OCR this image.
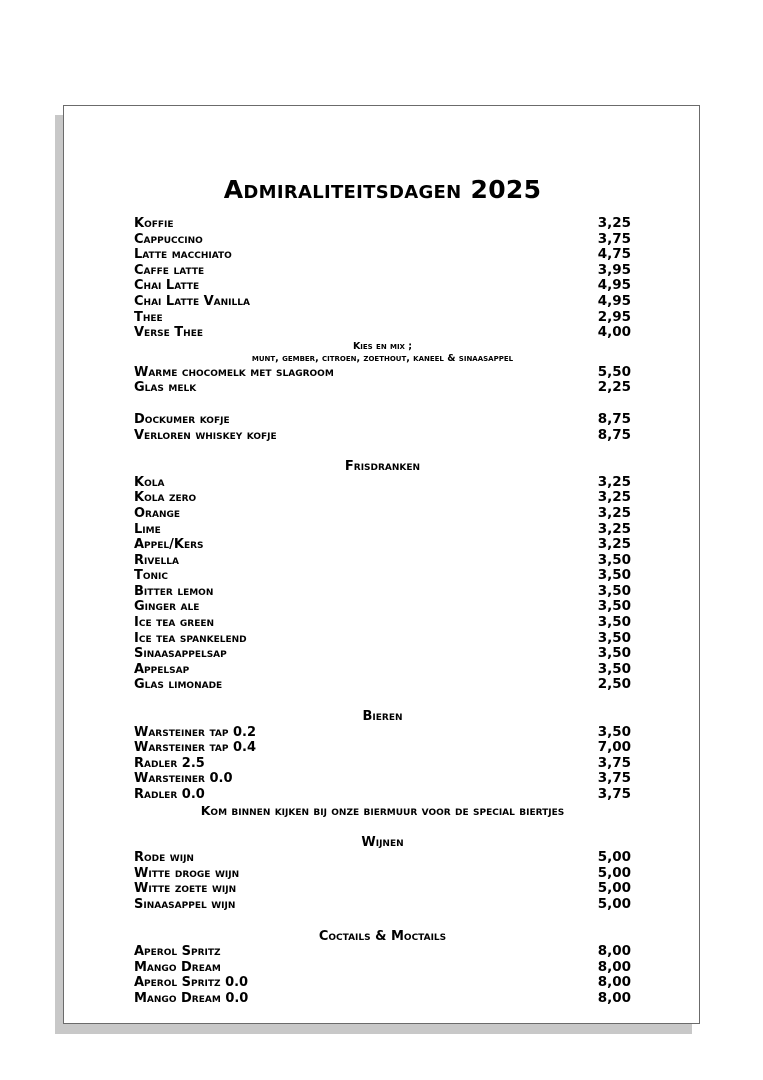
Admiraliteitsdagen 2025
Koffie	3,25
Cappuccino	3,75
Latte macchiato	4,75
Caffe latte	3,95
Chai Latte	4,95
Chai Latte Vanilla	4,95
Thee	2,95
Verse Thee	4,00
Kies en mix ;
munt, gember, citroen, zoethout, kaneel & sinaasappel
Warme chocomelk met slagroom	5,50
Glas melk	2,25
Dockumer kofje	8,75
Verloren whiskey kofje	8,75
Frisdranken
Kola	3,25
Kola zero	3,25
Orange	3,25
Lime	3,25
Appel/Kers	3,25
Rivella	3,50
Tonic	3,50
Bitter lemon	3,50
Ginger ale	3,50
Ice tea green	3,50
Ice tea spankelend	3,50
Sinaasappelsap	3,50
Appelsap	3,50
Glas limonade	2,50
Bieren
Warsteiner tap 0.2	3,50
Warsteiner tap 0.4	7,00
Radler 2.5	3,75
Warsteiner 0.0	3,75
Radler 0.0	3,75
Kom binnen kijken bij onze biermuur voor de special biertjes
Wijnen
Rode wijn	5,00
Witte droge wijn	5,00
Witte zoete wijn	5,00
Sinaasappel wijn	5,00
Coctails & Moctails
Aperol Spritz	8,00
Mango Dream	8,00
Aperol Spritz 0.0	8,00
Mango Dream 0.0	8,00
